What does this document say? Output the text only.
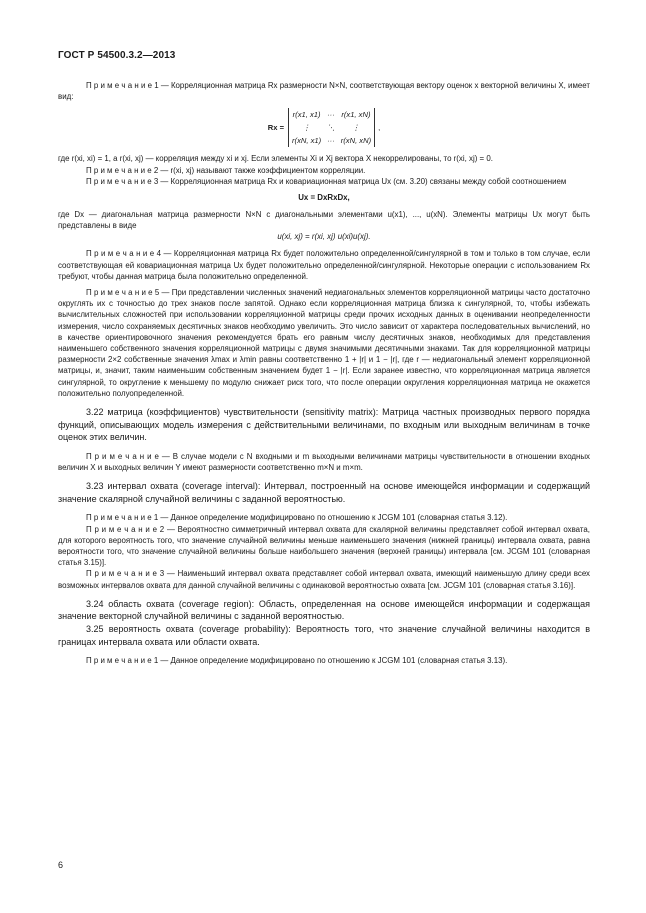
ГОСТ Р 54500.3.2—2013

П р и м е ч а н и е 1 — Корреляционная матрица Rx размерности N×N, соответствующая вектору оценок x векторной величины X, имеет вид:

Rx =
r(x1, x1)	···	r(x1, xN)
⋮	⋱	⋮
r(xN, x1)	···	r(xN, xN)
,

где r(xi, xi) = 1, а r(xi, xj) — корреляция между xi и xj. Если элементы Xi и Xj вектора X некоррелированы, то r(xi, xj) = 0.

П р и м е ч а н и е 2 — r(xi, xj) называют также коэффициентом корреляции.

П р и м е ч а н и е 3 — Корреляционная матрица Rx и ковариационная матрица Ux (см. 3.20) связаны между собой соотношением

Ux = DxRxDx,

где Dx — диагональная матрица размерности N×N с диагональными элементами u(x1), ..., u(xN). Элементы матрицы Ux могут быть представлены в виде

u(xi, xj) = r(xi, xj) u(xi)u(xj).

П р и м е ч а н и е 4 — Корреляционная матрица Rx будет положительно определенной/сингулярной в том и только в том случае, если соответствующая ей ковариационная матрица Ux будет положительно определенной/сингулярной. Некоторые операции с использованием Rx требуют, чтобы данная матрица была положительно определенной.

П р и м е ч а н и е 5 — При представлении численных значений недиагональных элементов корреляционной матрицы часто достаточно округлять их с точностью до трех знаков после запятой. Однако если корреляционная матрица близка к сингулярной, то, чтобы избежать вычислительных сложностей при использовании корреляционной матрицы среди прочих исходных данных в оценивании неопределенности измерения, число сохраняемых десятичных знаков необходимо увеличить. Это число зависит от характера последовательных вычислений, но в качестве ориентировочного значения рекомендуется брать его равным числу десятичных знаков, необходимых для представления наименьшего собственного значения корреляционной матрицы с двумя значимыми десятичными знаками. Так для корреляционной матрицы размерности 2×2 собственные значения λmax и λmin равны соответственно 1 + |r| и 1 − |r|, где r — недиагональный элемент корреляционной матрицы, и, значит, таким наименьшим собственным значением будет 1 − |r|. Если заранее известно, что корреляционная матрица является сингулярной, то округление к меньшему по модулю снижает риск того, что после операции округления корреляционная матрица не окажется положительно полуопределенной.

3.22 матрица (коэффициентов) чувствительности (sensitivity matrix): Матрица частных производных первого порядка функций, описывающих модель измерения с действительными величинами, по входным или выходным величинам в точке оценок этих величин.

П р и м е ч а н и е — В случае модели с N входными и m выходными величинами матрицы чувствительности в отношении входных величин X и выходных величин Y имеют размерности соответственно m×N и m×m.

3.23 интервал охвата (coverage interval): Интервал, построенный на основе имеющейся информации и содержащий значение скалярной случайной величины с заданной вероятностью.

П р и м е ч а н и е 1 — Данное определение модифицировано по отношению к JCGM 101 (словарная статья 3.12).

П р и м е ч а н и е 2 — Вероятностно симметричный интервал охвата для скалярной величины представляет собой интервал охвата, для которого вероятность того, что значение случайной величины меньше наименьшего значения (нижней границы) интервала охвата, равна вероятности того, что значение случайной величины больше наибольшего значения (верхней границы) интервала [см. JCGM 101 (словарная статья 3.15)].

П р и м е ч а н и е 3 — Наименьший интервал охвата представляет собой интервал охвата, имеющий наименьшую длину среди всех возможных интервалов охвата для данной случайной величины с одинаковой вероятностью охвата [см. JCGM 101 (словарная статья 3.16)].

3.24 область охвата (coverage region): Область, определенная на основе имеющейся информации и содержащая значение векторной случайной величины с заданной вероятностью.

3.25 вероятность охвата (coverage probability): Вероятность того, что значение случайной величины находится в границах интервала охвата или области охвата.

П р и м е ч а н и е 1 — Данное определение модифицировано по отношению к JCGM 101 (словарная статья 3.13).

6
